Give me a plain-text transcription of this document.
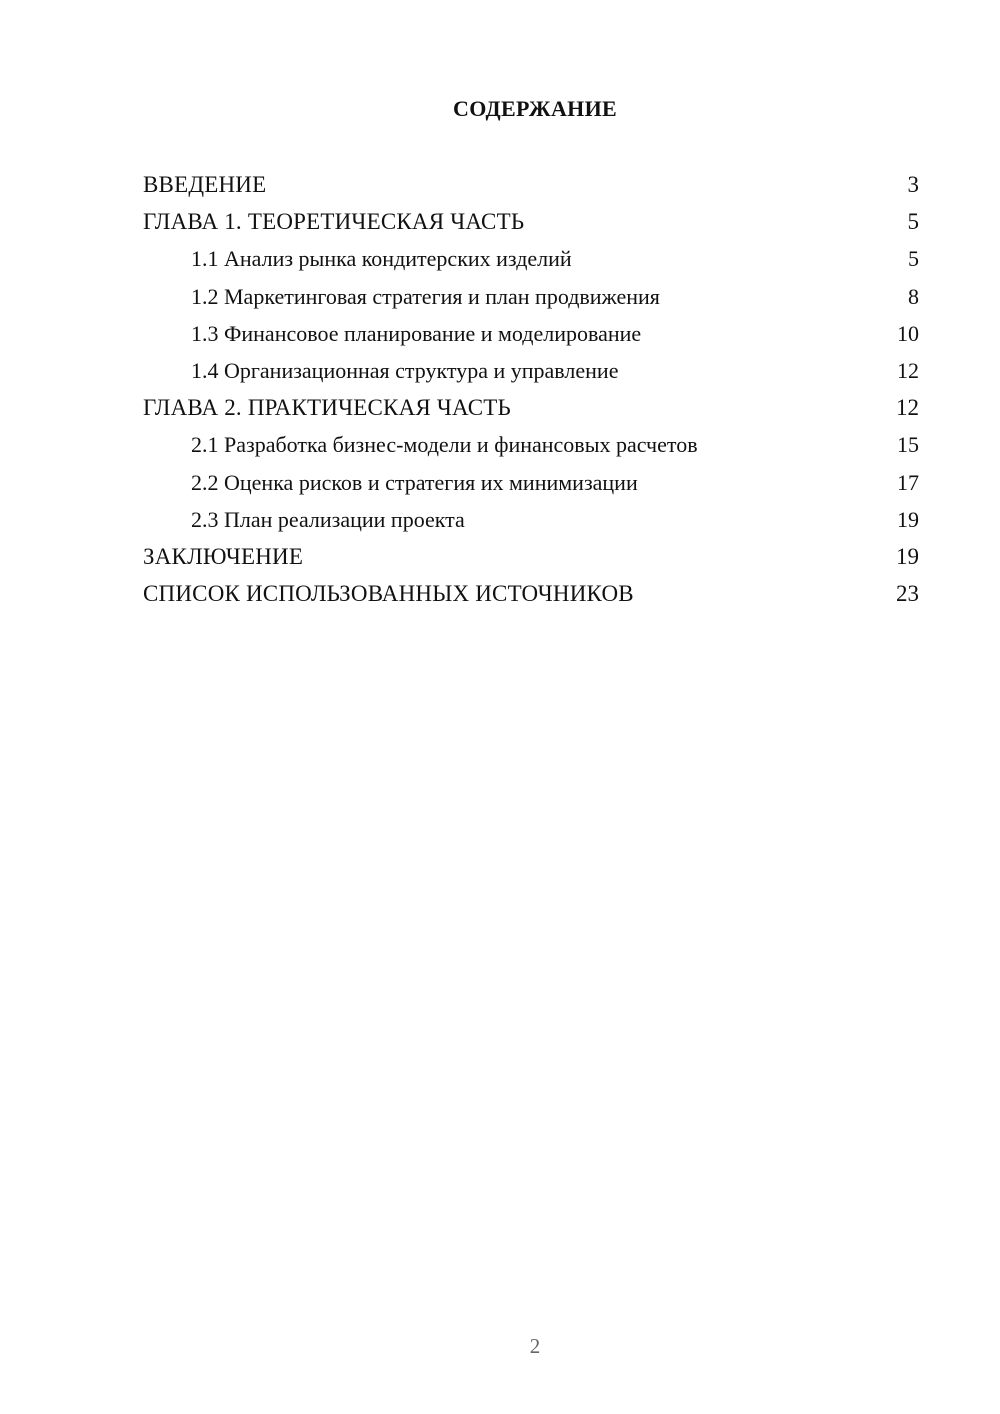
СОДЕРЖАНИЕ
ВВЕДЕНИЕ	3
ГЛАВА 1. ТЕОРЕТИЧЕСКАЯ ЧАСТЬ	5
1.1 Анализ рынка кондитерских изделий	5
1.2 Маркетинговая стратегия и план продвижения	8
1.3 Финансовое планирование и моделирование	10
1.4 Организационная структура и управление	12
ГЛАВА 2. ПРАКТИЧЕСКАЯ ЧАСТЬ	12
2.1 Разработка бизнес-модели и финансовых расчетов	15
2.2 Оценка рисков и стратегия их минимизации	17
2.3 План реализации проекта	19
ЗАКЛЮЧЕНИЕ	19
СПИСОК ИСПОЛЬЗОВАННЫХ ИСТОЧНИКОВ	23
2
